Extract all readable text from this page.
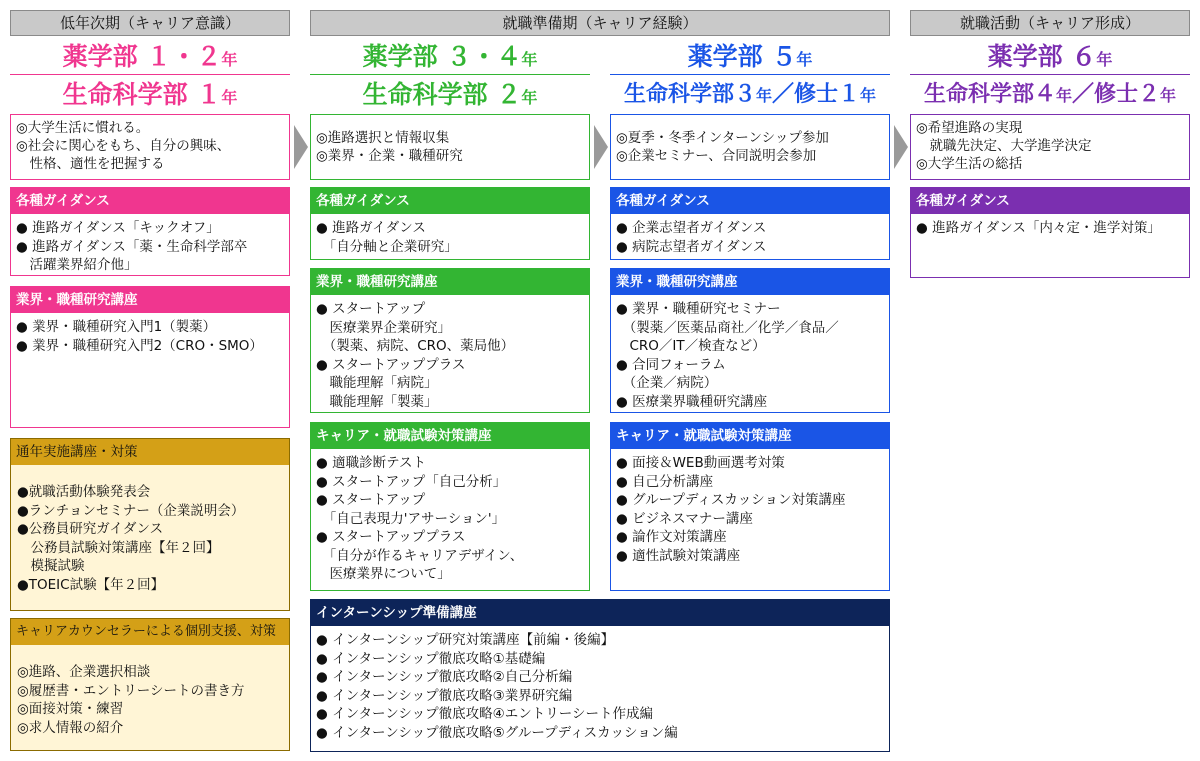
低年次期（キャリア意識）	就職準備期（キャリア経験）	就職活動（キャリア形成）
薬学部 １・２年
生命科学部 １年
薬学部 ３・４年
生命科学部 ２年
薬学部 ５年
生命科学部３年／修士１年
薬学部 ６年
生命科学部４年／修士２年
◎大学生活に慣れる。
◎社会に関心をもち、自分の興味、
　性格、適性を把握する
各種ガイダンス
● 進路ガイダンス「キックオフ」
● 進路ガイダンス「薬・生命科学部卒
　活躍業界紹介他」
業界・職種研究講座
● 業界・職種研究入門1（製薬）
● 業界・職種研究入門2（CRO・SMO）
通年実施講座・対策
●就職活動体験発表会
●ランチョンセミナー（企業説明会）
●公務員研究ガイダンス
　公務員試験対策講座【年２回】
　模擬試験
●TOEIC試験【年２回】
キャリアカウンセラーによる個別支援、対策
◎進路、企業選択相談
◎履歴書・エントリーシートの書き方
◎面接対策・練習
◎求人情報の紹介
◎進路選択と情報収集
◎業界・企業・職種研究
各種ガイダンス
● 進路ガイダンス
　「自分軸と企業研究」
業界・職種研究講座
● スタートアップ
　医療業界企業研究」
　（製薬、病院、CRO、薬局他）
● スタートアッププラス
　職能理解「病院」
　職能理解「製薬」
キャリア・就職試験対策講座
● 適職診断テスト
● スタートアップ「自己分析」
● スタートアップ
　「自己表現力'アサーション'」
● スタートアッププラス
　「自分が作るキャリアデザイン、
　医療業界について」
◎夏季・冬季インターンシップ参加
◎企業セミナー、合同説明会参加
各種ガイダンス
● 企業志望者ガイダンス
● 病院志望者ガイダンス
業界・職種研究講座
● 業界・職種研究セミナー
　（製薬／医薬品商社／化学／食品／
　CRO／IT／検査など）
● 合同フォーラム
　（企業／病院）
● 医療業界職種研究講座
キャリア・就職試験対策講座
● 面接＆WEB動画選考対策
● 自己分析講座
● グループディスカッション対策講座
● ビジネスマナー講座
● 論作文対策講座
● 適性試験対策講座
インターンシップ準備講座
● インターンシップ研究対策講座【前編・後編】
● インターンシップ徹底攻略①基礎編
● インターンシップ徹底攻略②自己分析編
● インターンシップ徹底攻略③業界研究編
● インターンシップ徹底攻略④エントリーシート作成編
● インターンシップ徹底攻略⑤グループディスカッション編
◎希望進路の実現
　就職先決定、大学進学決定
◎大学生活の総括
各種ガイダンス
● 進路ガイダンス「内々定・進学対策」
